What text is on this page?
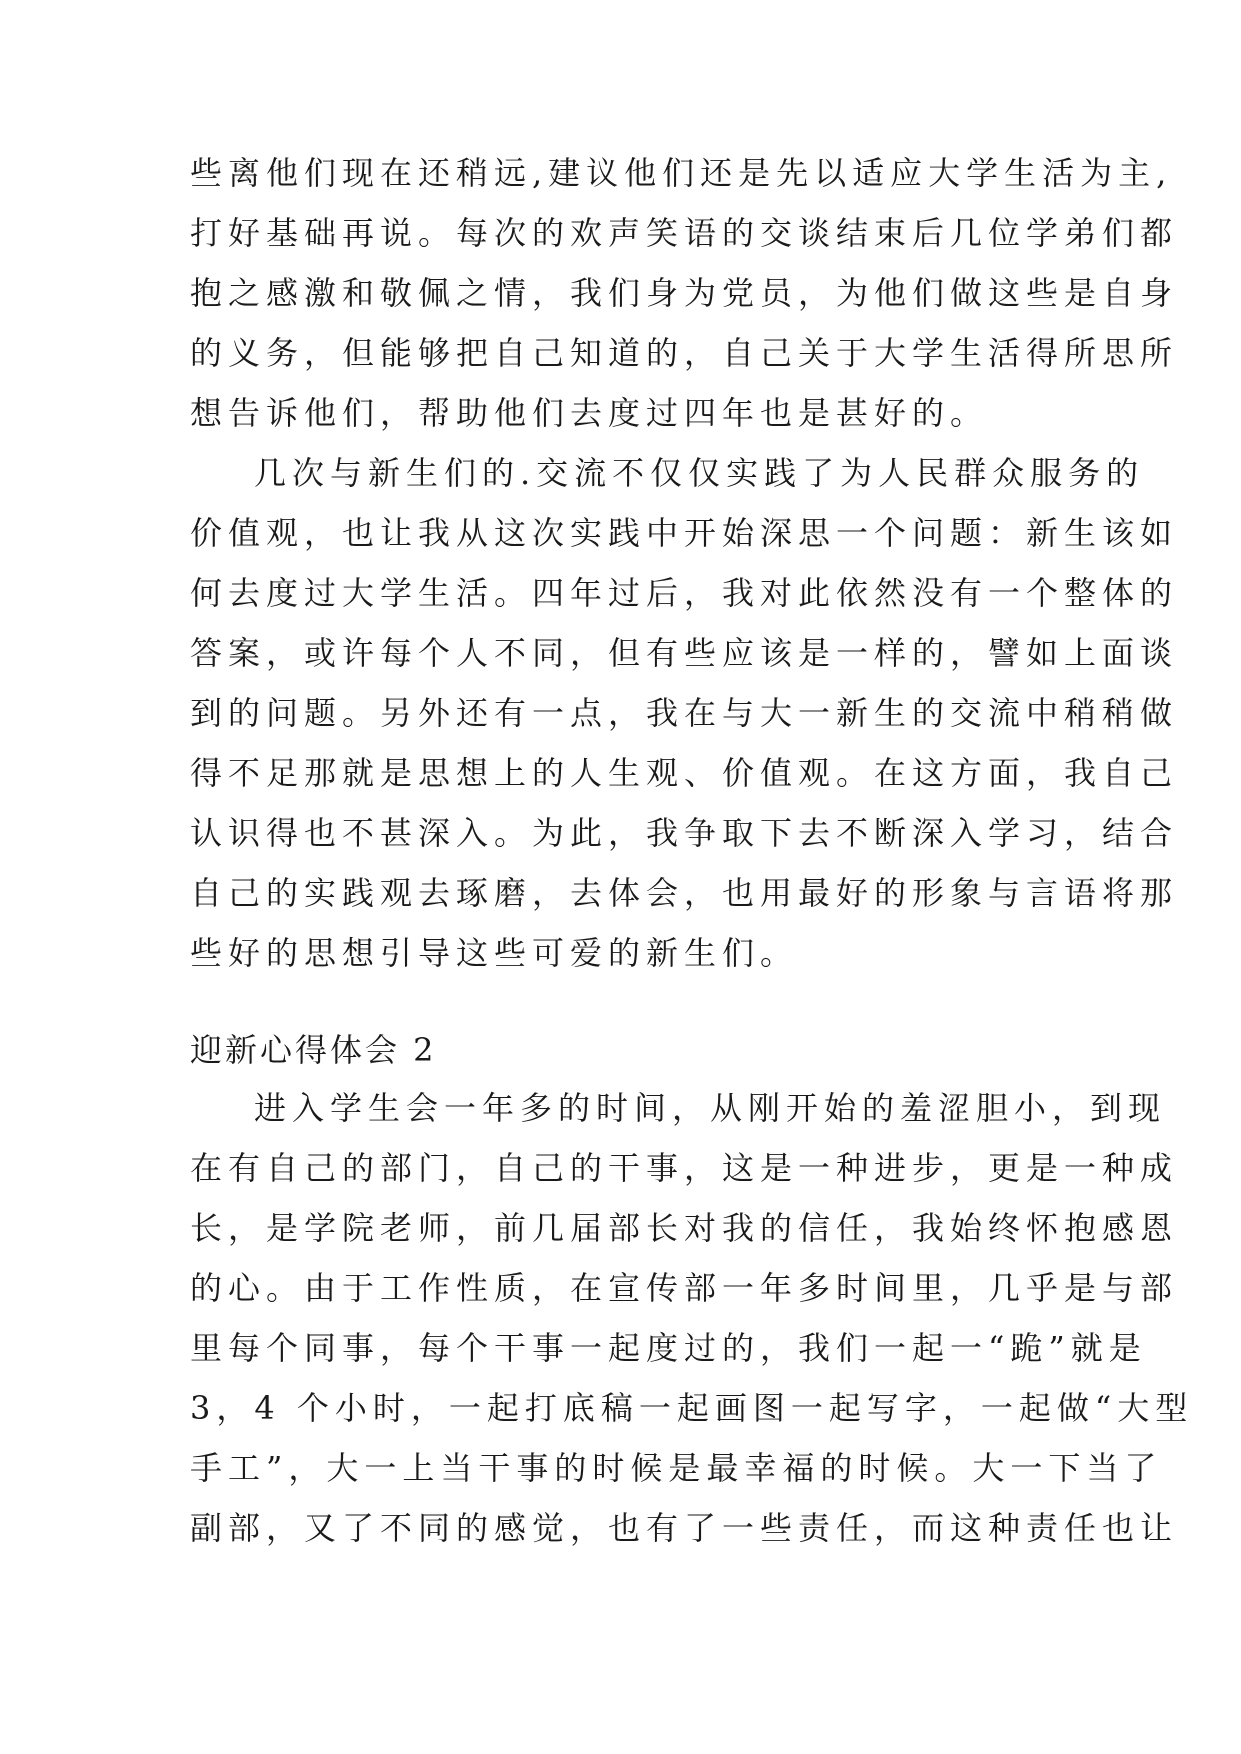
些离他们现在还稍远,建议他们还是先以适应大学生活为主,
打好基础再说。每次的欢声笑语的交谈结束后几位学弟们都
抱之感激和敬佩之情，我们身为党员，为他们做这些是自身
的义务，但能够把自己知道的，自己关于大学生活得所思所
想告诉他们，帮助他们去度过四年也是甚好的。
几次与新生们的.交流不仅仅实践了为人民群众服务的
价值观，也让我从这次实践中开始深思一个问题：新生该如
何去度过大学生活。四年过后，我对此依然没有一个整体的
答案，或许每个人不同，但有些应该是一样的，譬如上面谈
到的问题。另外还有一点，我在与大一新生的交流中稍稍做
得不足那就是思想上的人生观、价值观。在这方面，我自己
认识得也不甚深入。为此，我争取下去不断深入学习，结合
自己的实践观去琢磨，去体会，也用最好的形象与言语将那
些好的思想引导这些可爱的新生们。
迎新心得体会 2
进入学生会一年多的时间，从刚开始的羞涩胆小，到现
在有自己的部门，自己的干事，这是一种进步，更是一种成
长，是学院老师，前几届部长对我的信任，我始终怀抱感恩
的心。由于工作性质，在宣传部一年多时间里，几乎是与部
里每个同事，每个干事一起度过的，我们一起一“跪”就是
3，4 个小时，一起打底稿一起画图一起写字，一起做“大型
手工”，大一上当干事的时候是最幸福的时候。大一下当了
副部，又了不同的感觉，也有了一些责任，而这种责任也让
